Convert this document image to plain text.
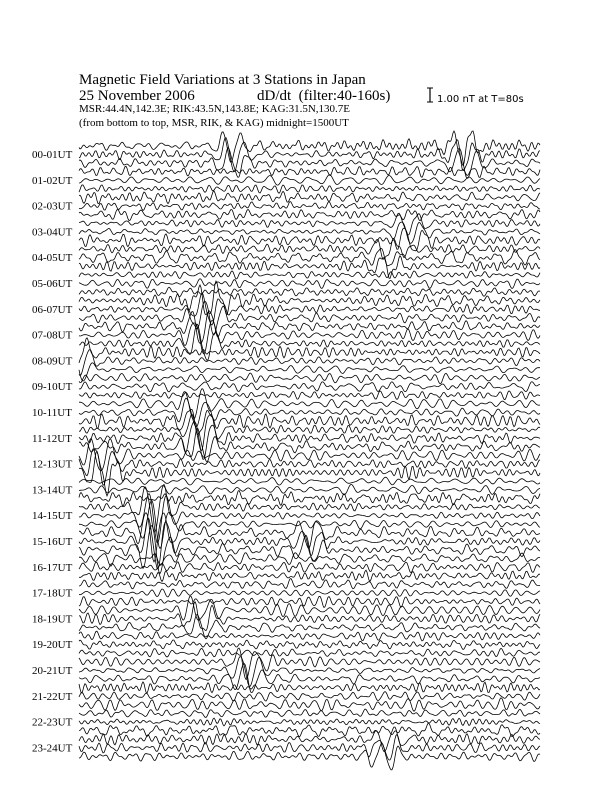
Magnetic Field Variations at 3 Stations in Japan
25 November 2006	dD/dt (filter:40-160s)
MSR:44.4N,142.3E; RIK:43.5N,143.8E; KAG:31.5N,130.7E
(from bottom to top, MSR, RIK, & KAG) midnight=1500UT
1.00 nT at T=80s
00-01UT
01-02UT
02-03UT
03-04UT
04-05UT
05-06UT
06-07UT
07-08UT
08-09UT
09-10UT
10-11UT
11-12UT
12-13UT
13-14UT
14-15UT
15-16UT
16-17UT
17-18UT
18-19UT
19-20UT
20-21UT
21-22UT
22-23UT
23-24UT
